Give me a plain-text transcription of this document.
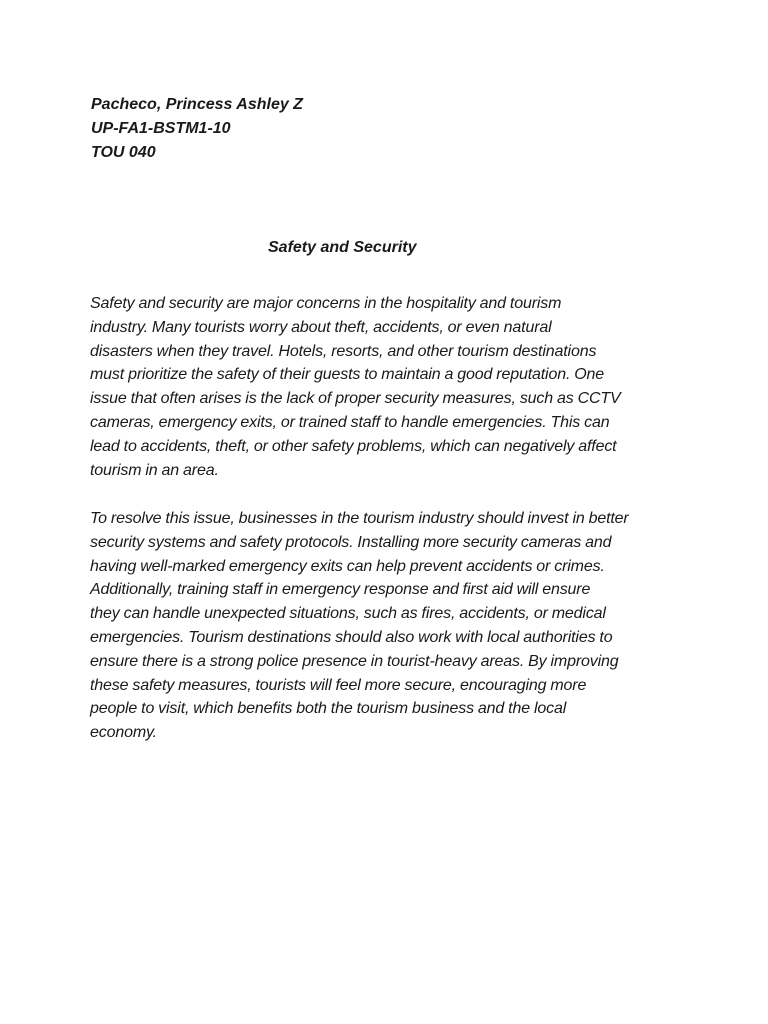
Pacheco, Princess Ashley Z
UP-FA1-BSTM1-10
TOU 040
Safety and Security

Safety and security are major concerns in the hospitality and tourism
industry. Many tourists worry about theft, accidents, or even natural
disasters when they travel. Hotels, resorts, and other tourism destinations
must prioritize the safety of their guests to maintain a good reputation. One
issue that often arises is the lack of proper security measures, such as CCTV
cameras, emergency exits, or trained staff to handle emergencies. This can
lead to accidents, theft, or other safety problems, which can negatively affect
tourism in an area.

To resolve this issue, businesses in the tourism industry should invest in better
security systems and safety protocols. Installing more security cameras and
having well-marked emergency exits can help prevent accidents or crimes.
Additionally, training staff in emergency response and first aid will ensure
they can handle unexpected situations, such as fires, accidents, or medical
emergencies. Tourism destinations should also work with local authorities to
ensure there is a strong police presence in tourist-heavy areas. By improving
these safety measures, tourists will feel more secure, encouraging more
people to visit, which benefits both the tourism business and the local
economy.
